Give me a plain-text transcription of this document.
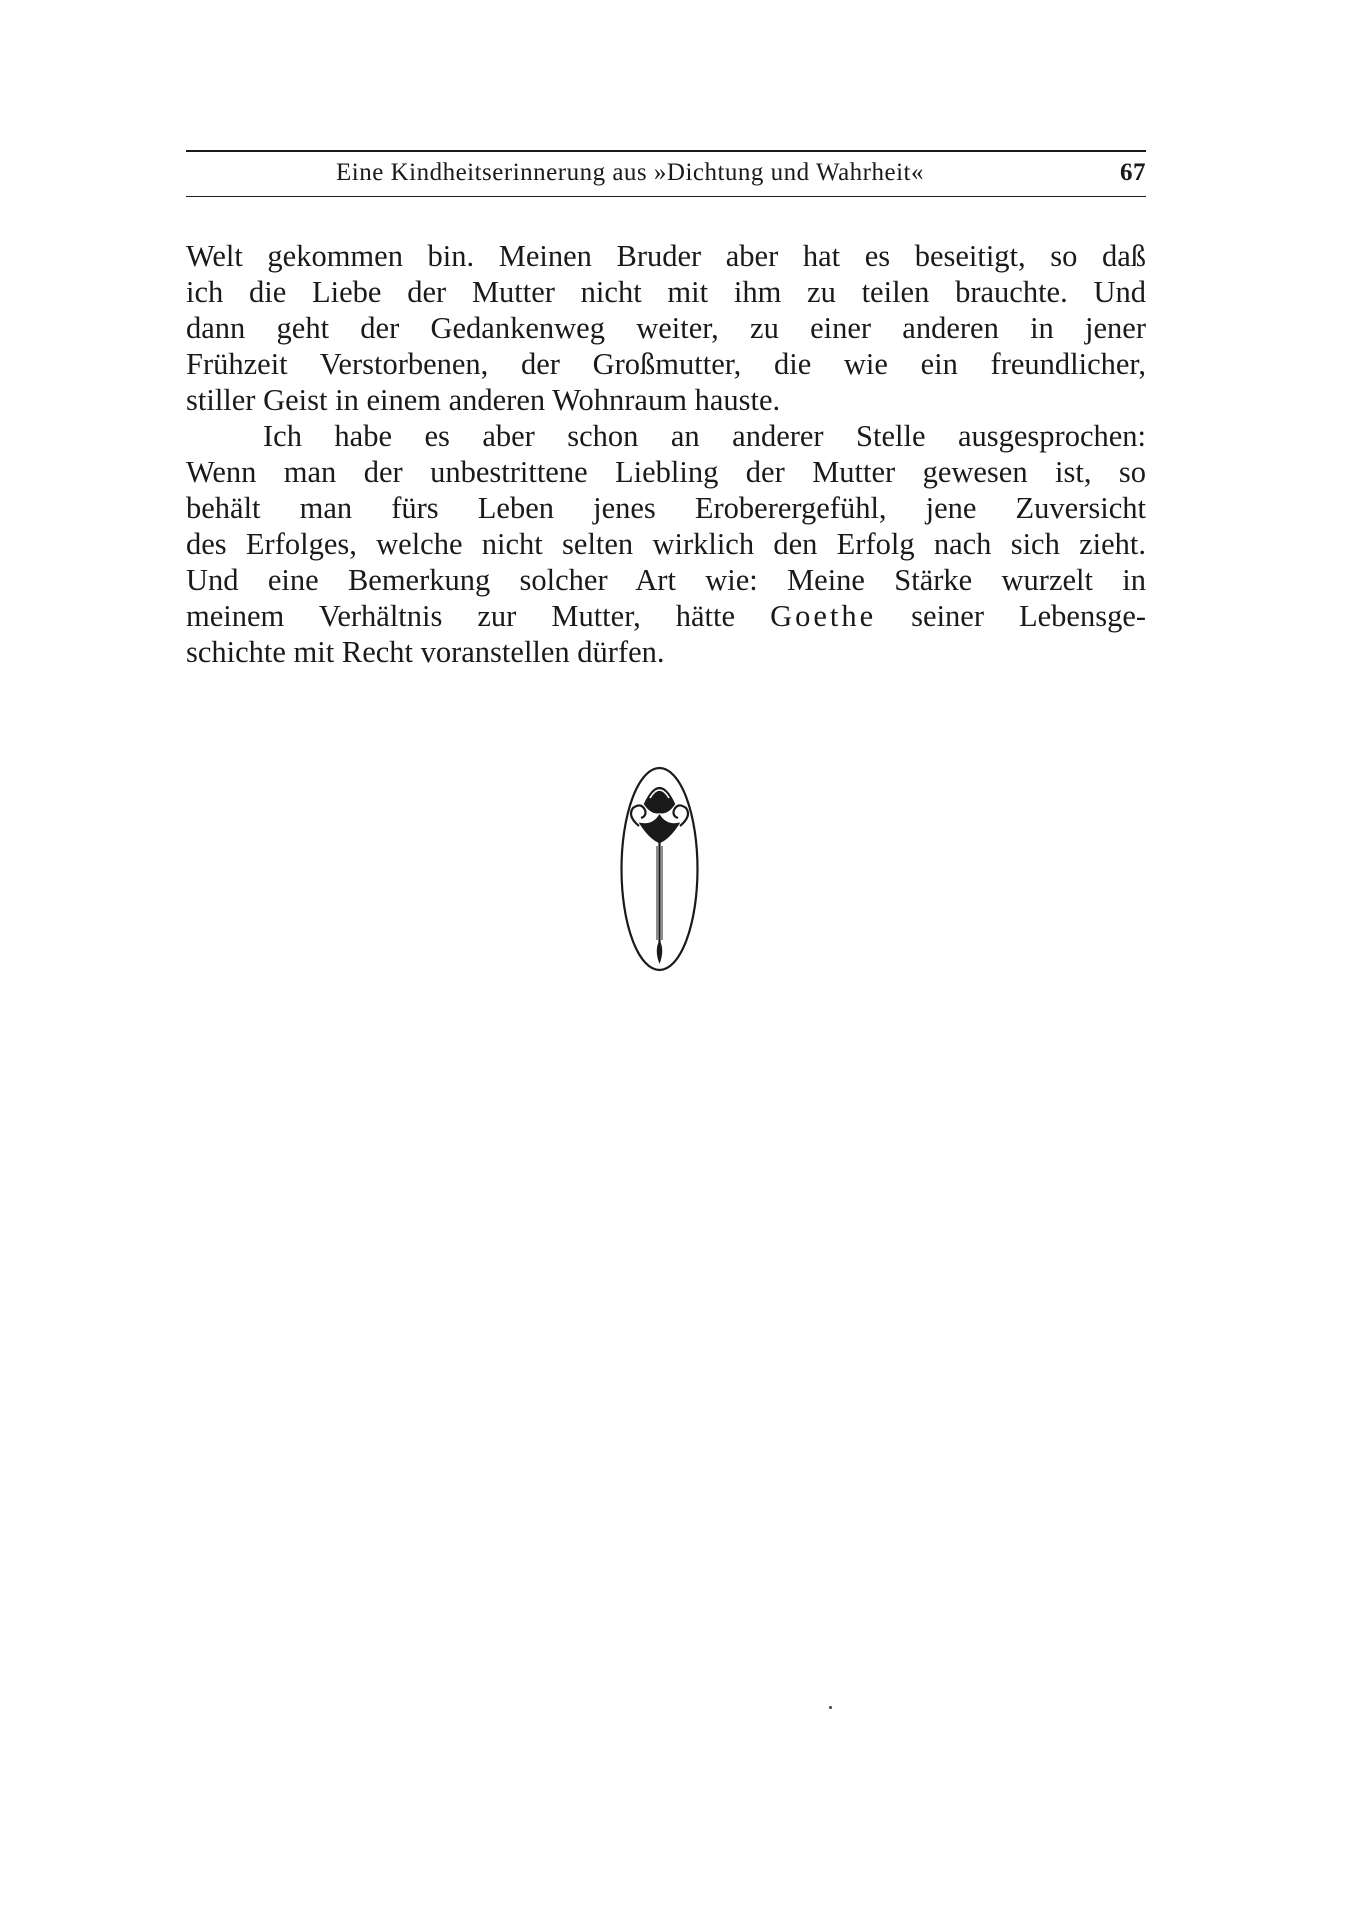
Eine Kindheitserinnerung aus »Dichtung und Wahrheit«	67
Welt gekommen bin. Meinen Bruder aber hat es beseitigt, so daß
ich die Liebe der Mutter nicht mit ihm zu teilen brauchte. Und
dann geht der Gedankenweg weiter, zu einer anderen in jener
Frühzeit Verstorbenen, der Großmutter, die wie ein freundlicher,
stiller Geist in einem anderen Wohnraum hauste.
Ich habe es aber schon an anderer Stelle ausgesprochen:
Wenn man der unbestrittene Liebling der Mutter gewesen ist, so
behält man fürs Leben jenes Eroberergefühl, jene Zuversicht
des Erfolges, welche nicht selten wirklich den Erfolg nach sich zieht.
Und eine Bemerkung solcher Art wie: Meine Stärke wurzelt in
meinem Verhältnis zur Mutter, hätte Goethe seiner Lebensge-
schichte mit Recht voranstellen dürfen.
